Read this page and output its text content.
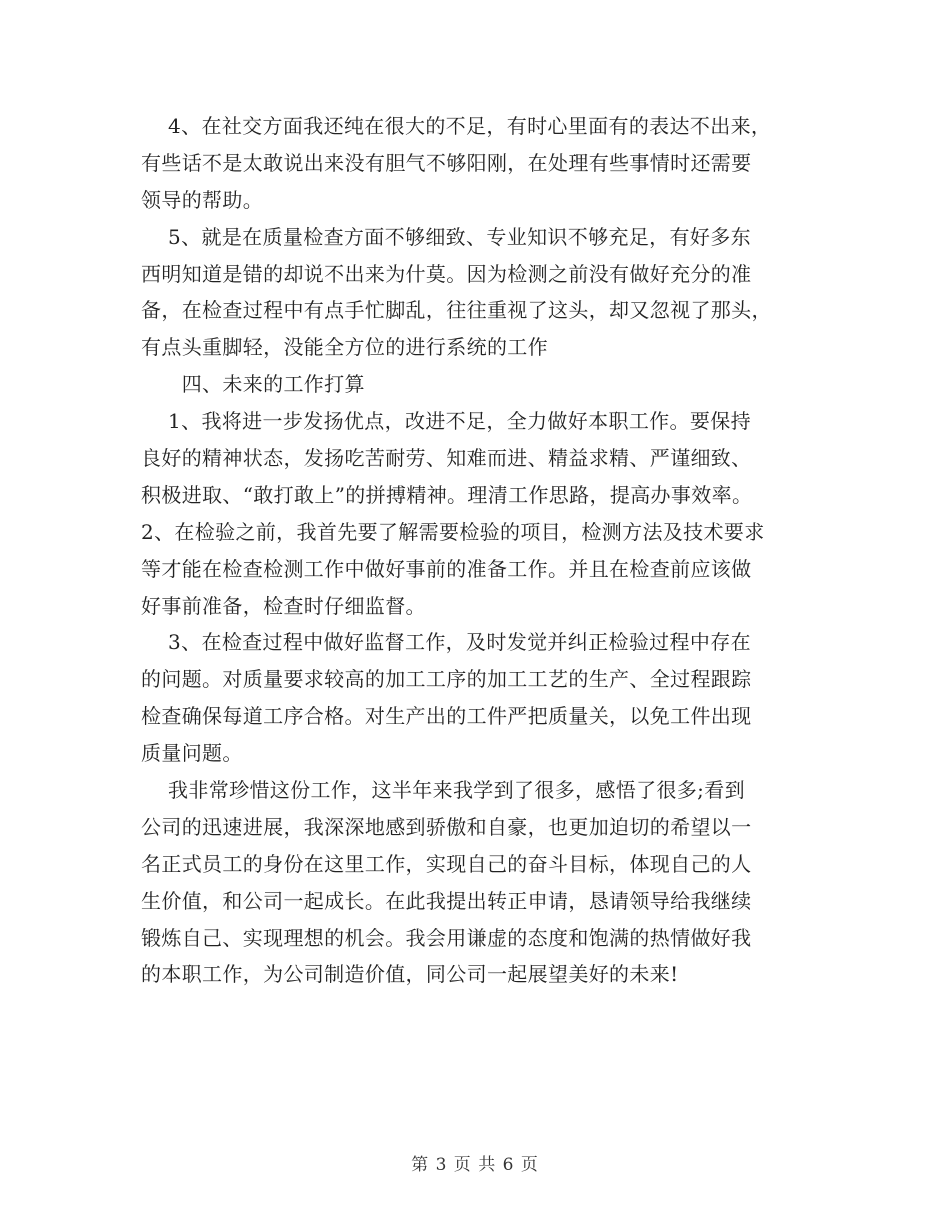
　 4、在社交方面我还纯在很大的不足，有时心里面有的表达不出来，
有些话不是太敢说出来没有胆气不够阳刚，在处理有些事情时还需要
领导的帮助。
　 5、就是在质量检查方面不够细致、专业知识不够充足，有好多东
西明知道是错的却说不出来为什莫。因为检测之前没有做好充分的准
备，在检查过程中有点手忙脚乱，往往重视了这头，却又忽视了那头，
有点头重脚轻，没能全方位的进行系统的工作
　　四、未来的工作打算
　 1、我将进一步发扬优点，改进不足，全力做好本职工作。要保持
良好的精神状态，发扬吃苦耐劳、知难而进、精益求精、严谨细致、
积极进取、“敢打敢上”的拼搏精神。理清工作思路，提高办事效率。
2、在检验之前，我首先要了解需要检验的项目，检测方法及技术要求
等才能在检查检测工作中做好事前的准备工作。并且在检查前应该做
好事前准备，检查时仔细监督。
　 3、在检查过程中做好监督工作，及时发觉并纠正检验过程中存在
的问题。对质量要求较高的加工工序的加工工艺的生产、全过程跟踪
检查确保每道工序合格。对生产出的工件严把质量关，以免工件出现
质量问题。
　 我非常珍惜这份工作，这半年来我学到了很多，感悟了很多;看到
公司的迅速进展，我深深地感到骄傲和自豪，也更加迫切的希望以一
名正式员工的身份在这里工作，实现自己的奋斗目标，体现自己的人
生价值，和公司一起成长。在此我提出转正申请，恳请领导给我继续
锻炼自己、实现理想的机会。我会用谦虚的态度和饱满的热情做好我
的本职工作，为公司制造价值，同公司一起展望美好的未来!
第 3 页 共 6 页
